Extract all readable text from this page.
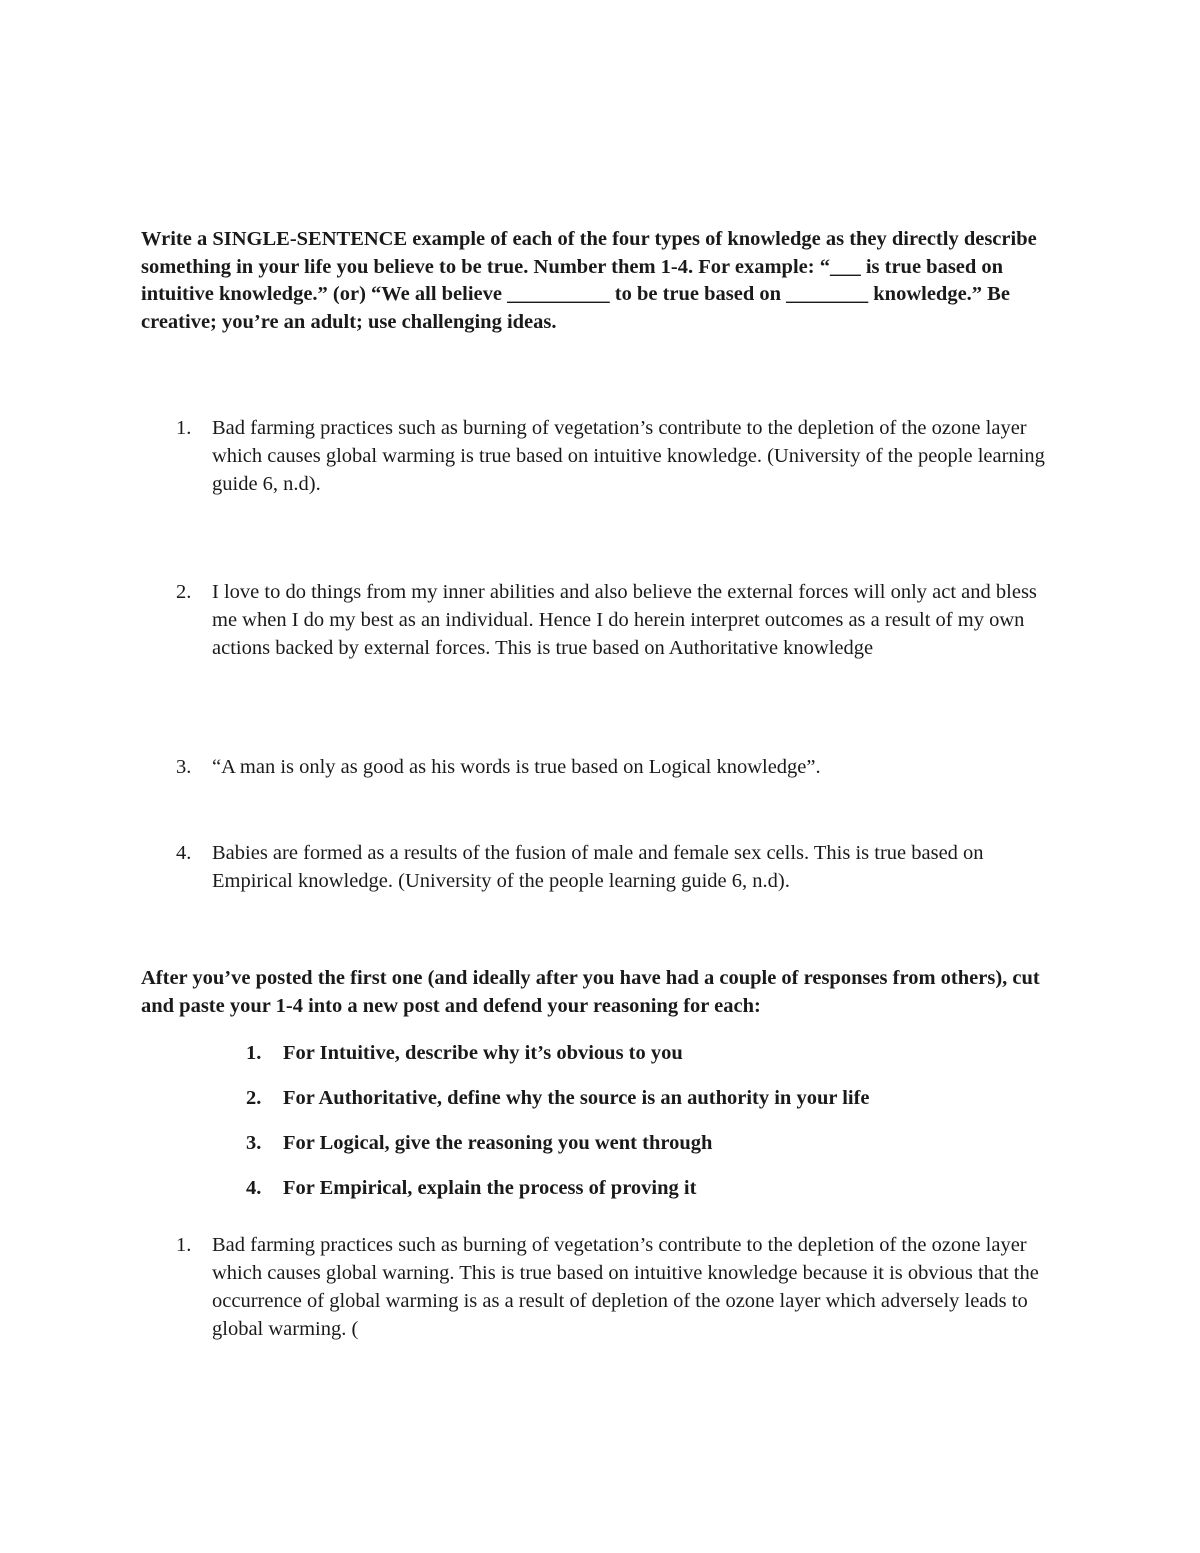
Write a SINGLE-SENTENCE example of each of the four types of knowledge as they directly describe something in your life you believe to be true. Number them 1-4. For example: “___ is true based on intuitive knowledge.” (or) “We all believe __________ to be true based on ________ knowledge.” Be creative; you’re an adult; use challenging ideas.

1.	Bad farming practices such as burning of vegetation’s contribute to the depletion of the ozone layer which causes global warming is true based on intuitive knowledge. (University of the people learning guide 6, n.d).
2.	I love to do things from my inner abilities and also believe the external forces will only act and bless me when I do my best as an individual. Hence I do herein interpret outcomes as a result of my own actions backed by external forces. This is true based on Authoritative knowledge
3.	“A man is only as good as his words is true based on Logical knowledge”.
4.	Babies are formed as a results of the fusion of male and female sex cells. This is true based on Empirical knowledge. (University of the people learning guide 6, n.d).

After you’ve posted the first one (and ideally after you have had a couple of responses from others), cut and paste your 1-4 into a new post and defend your reasoning for each:

1.	For Intuitive, describe why it’s obvious to you
2.	For Authoritative, define why the source is an authority in your life
3.	For Logical, give the reasoning you went through
4.	For Empirical, explain the process of proving it
1.	Bad farming practices such as burning of vegetation’s contribute to the depletion of the ozone layer which causes global warning. This is true based on intuitive knowledge because it is obvious that the occurrence of global warming is as a result of depletion of the ozone layer which adversely leads to global warming. (
